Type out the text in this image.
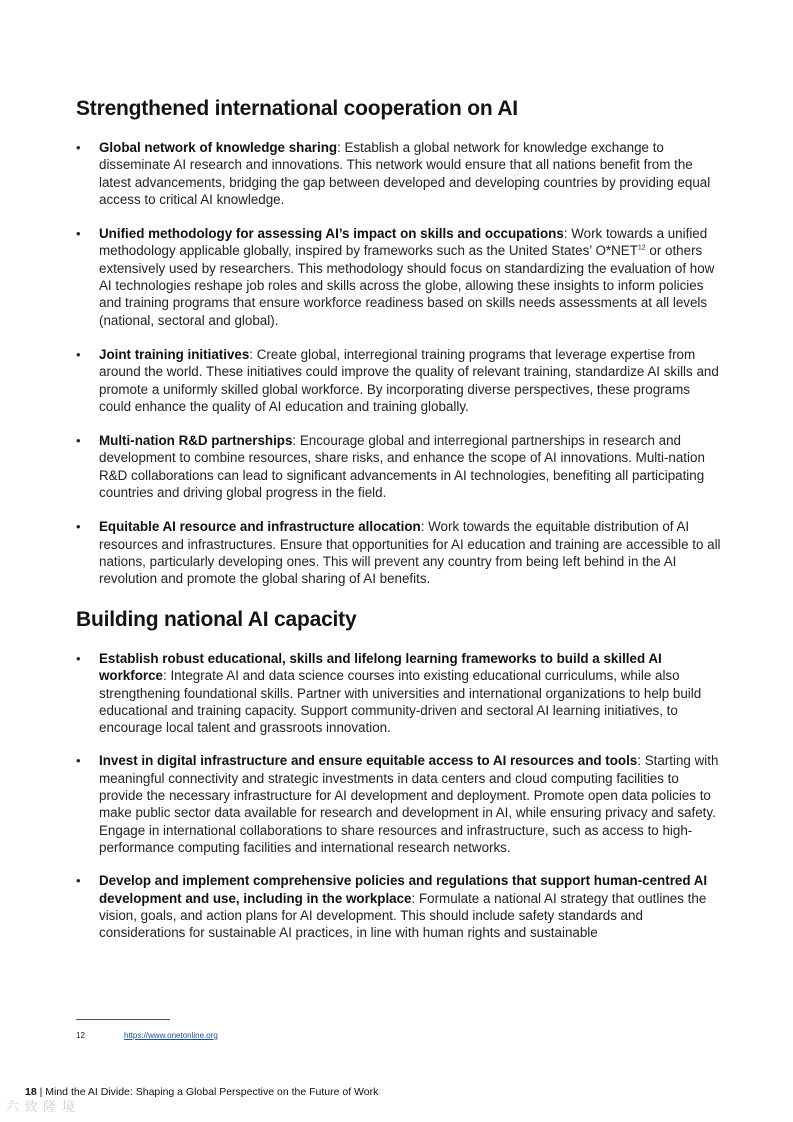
Strengthened international cooperation on AI
• Global network of knowledge sharing: Establish a global network for knowledge exchange to disseminate AI research and innovations. This network would ensure that all nations benefit from the latest advancements, bridging the gap between developed and developing countries by providing equal access to critical AI knowledge.
• Unified methodology for assessing AI’s impact on skills and occupations: Work towards a unified methodology applicable globally, inspired by frameworks such as the United States’ O*NET$^{12}$ or others extensively used by researchers. This methodology should focus on standardizing the evaluation of how AI technologies reshape job roles and skills across the globe, allowing these insights to inform policies and training programs that ensure workforce readiness based on skills needs assessments at all levels (national, sectoral and global).
• Joint training initiatives: Create global, interregional training programs that leverage expertise from around the world. These initiatives could improve the quality of relevant training, standardize AI skills and promote a uniformly skilled global workforce. By incorporating diverse perspectives, these programs could enhance the quality of AI education and training globally.
• Multi-nation R&D partnerships: Encourage global and interregional partnerships in research and development to combine resources, share risks, and enhance the scope of AI innovations. Multi-nation R&D collaborations can lead to significant advancements in AI technologies, benefiting all participating countries and driving global progress in the field.
• Equitable AI resource and infrastructure allocation: Work towards the equitable distribution of AI resources and infrastructures. Ensure that opportunities for AI education and training are accessible to all nations, particularly developing ones. This will prevent any country from being left behind in the AI revolution and promote the global sharing of AI benefits.
Building national AI capacity
• Establish robust educational, skills and lifelong learning frameworks to build a skilled AI workforce: Integrate AI and data science courses into existing educational curriculums, while also strengthening foundational skills. Partner with universities and international organizations to help build educational and training capacity. Support community-driven and sectoral AI learning initiatives, to encourage local talent and grassroots innovation.
• Invest in digital infrastructure and ensure equitable access to AI resources and tools: Starting with meaningful connectivity and strategic investments in data centers and cloud computing facilities to provide the necessary infrastructure for AI development and deployment. Promote open data policies to make public sector data available for research and development in AI, while ensuring privacy and safety. Engage in international collaborations to share resources and infrastructure, such as access to high-performance computing facilities and international research networks.
• Develop and implement comprehensive policies and regulations that support human-centred AI development and use, including in the workplace: Formulate a national AI strategy that outlines the vision, goals, and action plans for AI development. This should include safety standards and considerations for sustainable AI practices, in line with human rights and sustainable
12	https://www.onetonline.org
18 | Mind the AI Divide: Shaping a Global Perspective on the Future of Work
六 致 隆 境
